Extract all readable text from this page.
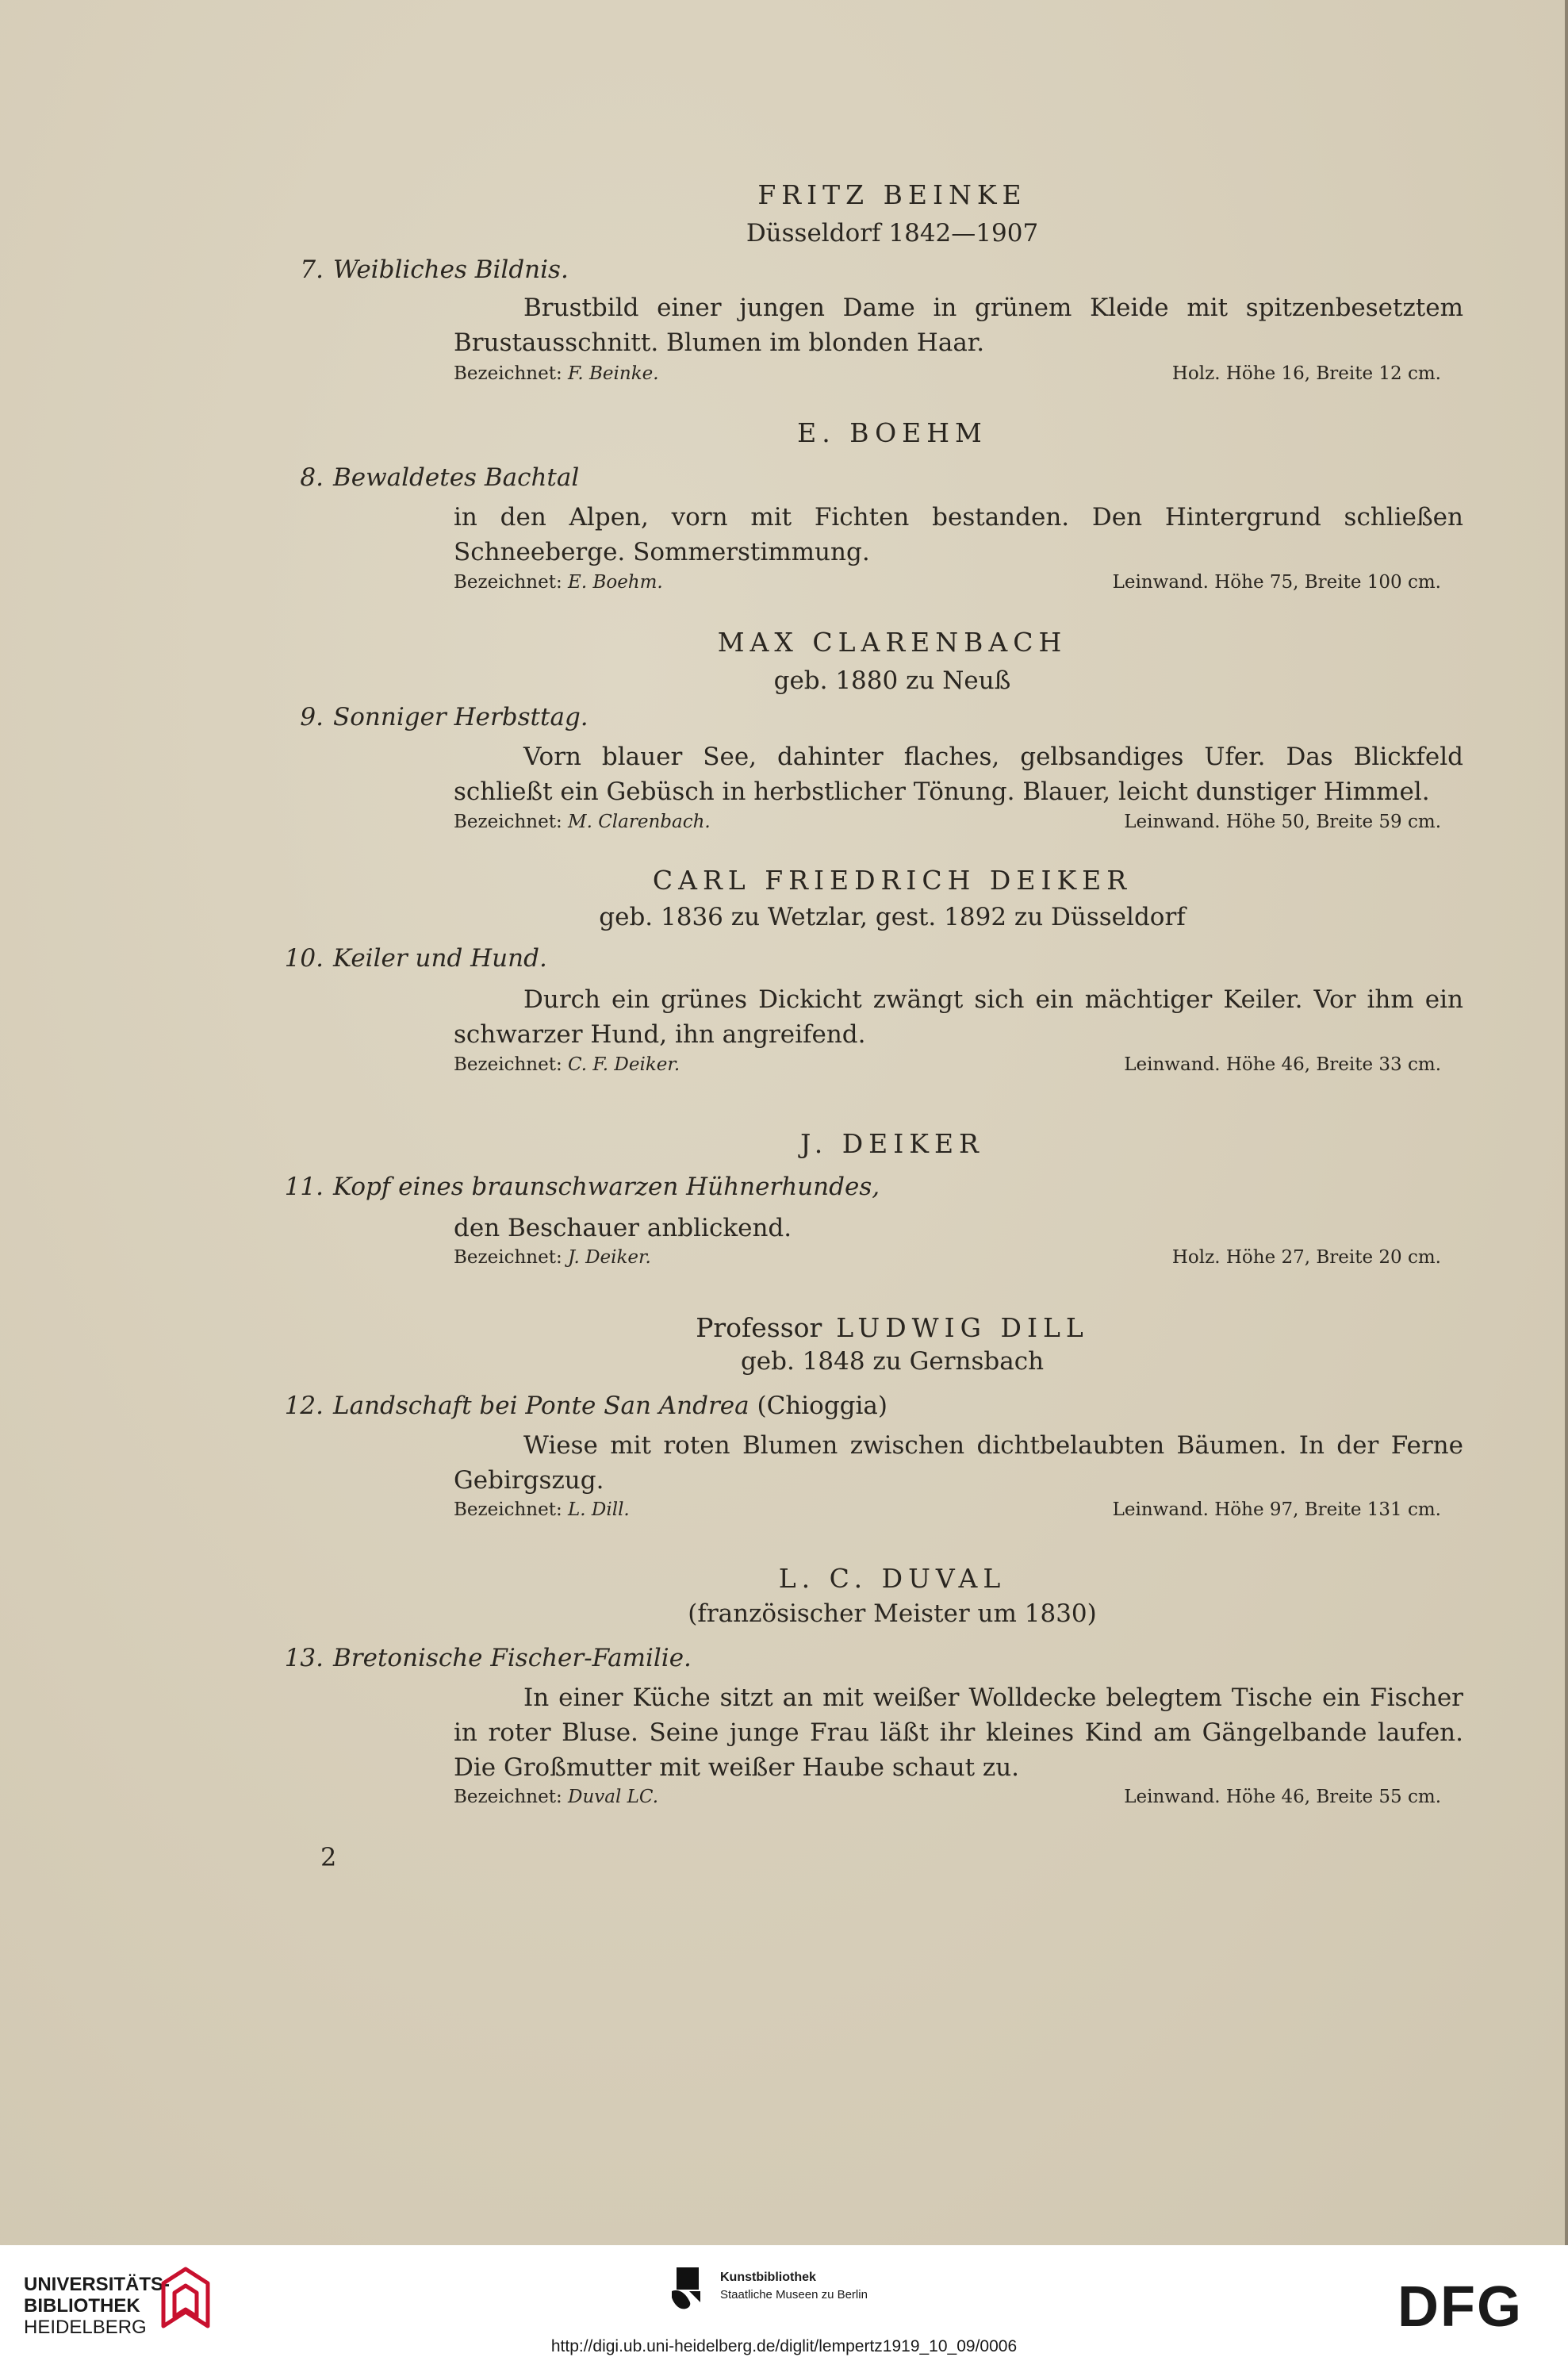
FRITZ BEINKE
Düsseldorf 1842—1907
7. Weibliches Bildnis.
Brustbild einer jungen Dame in grünem Kleide mit spitzenbesetztem Brustausschnitt. Blumen im blonden Haar.
Bezeichnet: F. Beinke.	Holz. Höhe 16, Breite 12 cm.
E. BOEHM
8. Bewaldetes Bachtal
in den Alpen, vorn mit Fichten bestanden. Den Hintergrund schließen Schneeberge. Sommerstimmung.
Bezeichnet: E. Boehm.	Leinwand. Höhe 75, Breite 100 cm.
MAX CLARENBACH
geb. 1880 zu Neuß
9. Sonniger Herbsttag.
Vorn blauer See, dahinter flaches, gelbsandiges Ufer. Das Blickfeld schließt ein Gebüsch in herbstlicher Tönung. Blauer, leicht dunstiger Himmel.
Bezeichnet: M. Clarenbach.	Leinwand. Höhe 50, Breite 59 cm.
CARL FRIEDRICH DEIKER
geb. 1836 zu Wetzlar, gest. 1892 zu Düsseldorf
10. Keiler und Hund.
Durch ein grünes Dickicht zwängt sich ein mächtiger Keiler. Vor ihm ein schwarzer Hund, ihn angreifend.
Bezeichnet: C. F. Deiker.	Leinwand. Höhe 46, Breite 33 cm.
J. DEIKER
11. Kopf eines braunschwarzen Hühnerhundes,
den Beschauer anblickend.
Bezeichnet: J. Deiker.	Holz. Höhe 27, Breite 20 cm.
Professor LUDWIG DILL
geb. 1848 zu Gernsbach
12. Landschaft bei Ponte San Andrea (Chioggia)
Wiese mit roten Blumen zwischen dichtbelaubten Bäumen. In der Ferne Gebirgszug.
Bezeichnet: L. Dill.	Leinwand. Höhe 97, Breite 131 cm.
L. C. DUVAL
(französischer Meister um 1830)
13. Bretonische Fischer-Familie.
In einer Küche sitzt an mit weißer Wolldecke belegtem Tische ein Fischer in roter Bluse. Seine junge Frau läßt ihr kleines Kind am Gängelbande laufen. Die Großmutter mit weißer Haube schaut zu.
Bezeichnet: Duval LC.	Leinwand. Höhe 46, Breite 55 cm.
2
UNIVERSITÄTS-
BIBLIOTHEK
HEIDELBERG
Kunstbibliothek
Staatliche Museen zu Berlin	DFG
http://digi.ub.uni-heidelberg.de/diglit/lempertz1919_10_09/0006
